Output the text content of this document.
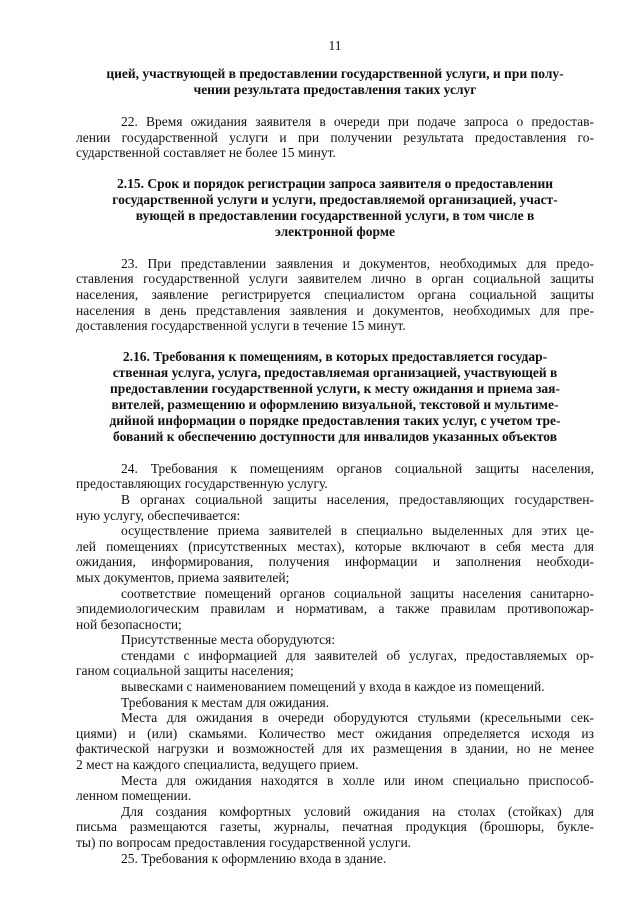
11
цией, участвующей в предоставлении государственной услуги, и при полу-
чении результата предоставления таких услуг
22. Время ожидания заявителя в очереди при подаче запроса о предостав-
лении государственной услуги и при получении результата предоставления го-
сударственной составляет не более 15 минут.
2.15. Срок и порядок регистрации запроса заявителя о предоставлении
государственной услуги и услуги, предоставляемой организацией, участ-
вующей в предоставлении государственной услуги, в том числе в
электронной форме
23. При представлении заявления и документов, необходимых для предо-
ставления государственной услуги заявителем лично в орган социальной защиты
населения, заявление регистрируется специалистом органа социальной защиты
населения в день представления заявления и документов, необходимых для пре-
доставления государственной услуги в течение 15 минут.
2.16. Требования к помещениям, в которых предоставляется государ-
ственная услуга, услуга, предоставляемая организацией, участвующей в
предоставлении государственной услуги, к месту ожидания и приема зая-
вителей, размещению и оформлению визуальной, текстовой и мультиме-
дийной информации о порядке предоставления таких услуг, с учетом тре-
бований к обеспечению доступности для инвалидов указанных объектов
24. Требования к помещениям органов социальной защиты населения,
предоставляющих государственную услугу.
В органах социальной защиты населения, предоставляющих государствен-
ную услугу, обеспечивается:
осуществление приема заявителей в специально выделенных для этих це-
лей помещениях (присутственных местах), которые включают в себя места для
ожидания, информирования, получения информации и заполнения необходи-
мых документов, приема заявителей;
соответствие помещений органов социальной защиты населения санитарно-
эпидемиологическим правилам и нормативам, а также правилам противопожар-
ной безопасности;
Присутственные места оборудуются:
стендами с информацией для заявителей об услугах, предоставляемых ор-
ганом социальной защиты населения;
вывесками с наименованием помещений у входа в каждое из помещений.
Требования к местам для ожидания.
Места для ожидания в очереди оборудуются стульями (кресельными сек-
циями) и (или) скамьями. Количество мест ожидания определяется исходя из
фактической нагрузки и возможностей для их размещения в здании, но не менее
2 мест на каждого специалиста, ведущего прием.
Места для ожидания находятся в холле или ином специально приспособ-
ленном помещении.
Для создания комфортных условий ожидания на столах (стойках) для
письма размещаются газеты, журналы, печатная продукция (брошюры, букле-
ты) по вопросам предоставления государственной услуги.
25. Требования к оформлению входа в здание.
